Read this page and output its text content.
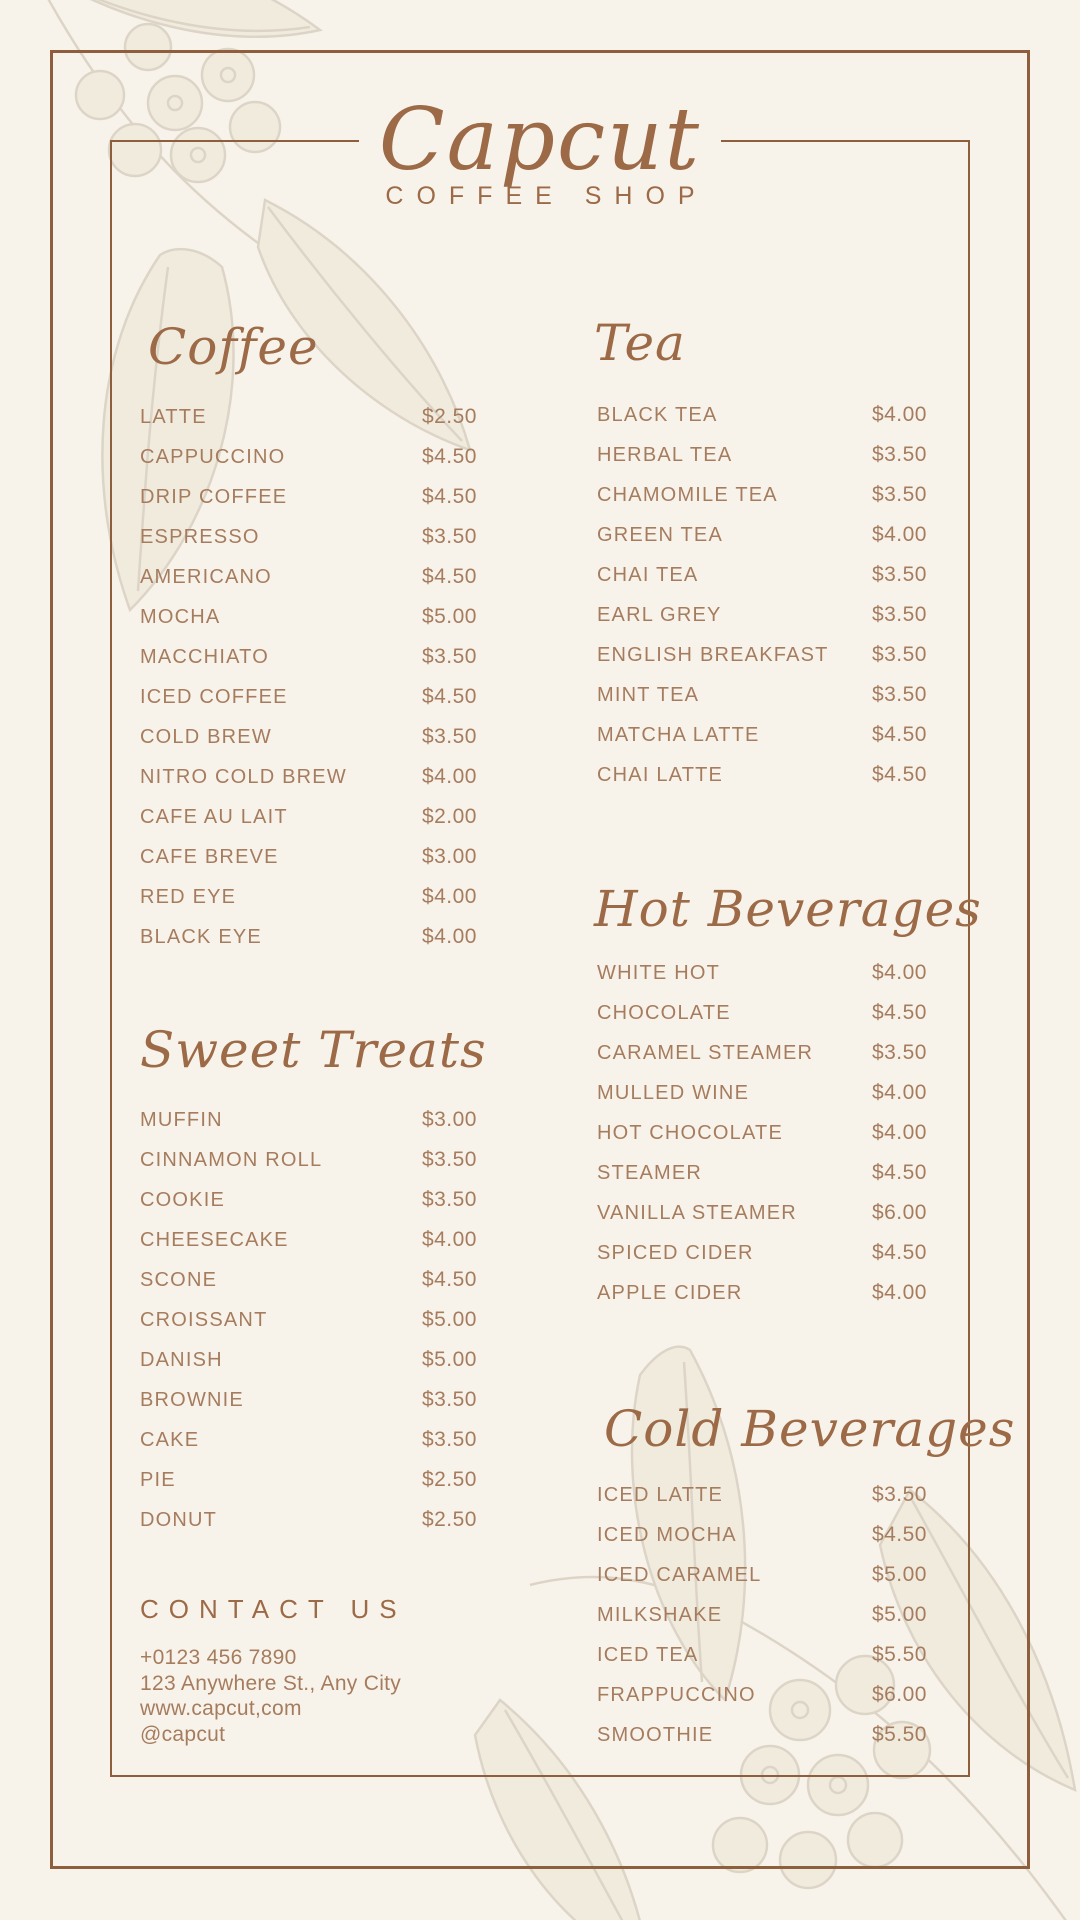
Capcut
COFFEE SHOP
Coffee	Tea
Sweet Treats
Hot Beverages
Cold Beverages
LATTE	$2.50
CAPPUCCINO	$4.50
DRIP COFFEE	$4.50
ESPRESSO	$3.50
AMERICANO	$4.50
MOCHA	$5.00
MACCHIATO	$3.50
ICED COFFEE	$4.50
COLD BREW	$3.50
NITRO COLD BREW	$4.00
CAFE AU LAIT	$2.00
CAFE BREVE	$3.00
RED EYE	$4.00
BLACK EYE	$4.00
BLACK TEA	$4.00
HERBAL TEA	$3.50
CHAMOMILE TEA	$3.50
GREEN TEA	$4.00
CHAI TEA	$3.50
EARL GREY	$3.50
ENGLISH BREAKFAST $3.50
MINT TEA	$3.50
MATCHA LATTE	$4.50
CHAI LATTE	$4.50
MUFFIN	$3.00
CINNAMON ROLL	$3.50
COOKIE	$3.50
CHEESECAKE	$4.00
SCONE	$4.50
CROISSANT	$5.00
DANISH	$5.00
BROWNIE	$3.50
CAKE	$3.50
PIE	$2.50
DONUT	$2.50
WHITE HOT	$4.00
CHOCOLATE	$4.50
CARAMEL STEAMER	$3.50
MULLED WINE	$4.00
HOT CHOCOLATE	$4.00
STEAMER	$4.50
VANILLA STEAMER	$6.00
SPICED CIDER	$4.50
APPLE CIDER	$4.00
ICED LATTE	$3.50
ICED MOCHA	$4.50
ICED CARAMEL	$5.00
MILKSHAKE	$5.00
ICED TEA	$5.50
FRAPPUCCINO	$6.00
SMOOTHIE	$5.50
CONTACT US
+0123 456 7890
123 Anywhere St., Any City
www.capcut,com
@capcut
